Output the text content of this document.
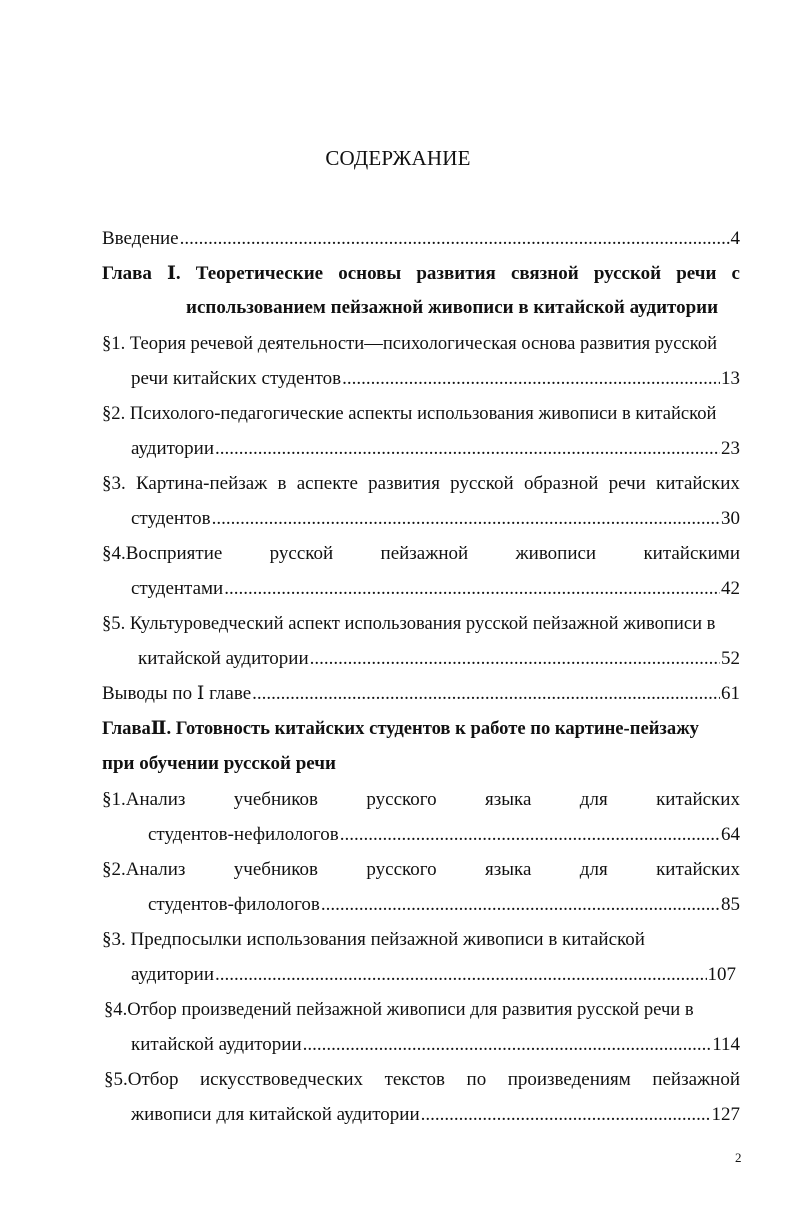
СОДЕРЖАНИЕ
Введение .....	4
Глава Ⅰ. Теоретические основы развития связной русской речи с
использованием пейзажной живописи в китайской аудитории
§1. Теория речевой деятельности—психологическая основа развития русской
речи китайских студентов .....	13
§2. Психолого-педагогические аспекты использования живописи в китайской
аудитории .....	23
§3. Картина-пейзаж в аспекте развития русской образной речи китайских
студентов .....	30
§4.Восприятие русской пейзажной живописи китайскими
студентами .....	42
§5. Культуроведческий аспект использования русской пейзажной живописи в
китайской аудитории .....	52
Выводы по Ⅰ главе .....	61
ГлаваⅡ. Готовность китайских студентов к работе по картине-пейзажу
при обучении русской речи
§1.Анализ	учебников	русского	языка	для	китайских
студентов-нефилологов .....	64
§2.Анализ	учебников	русского	языка	для	китайских
студентов-филологов .....	85
§3. Предпосылки использования пейзажной живописи в китайской
аудитории .....	107
§4.Отбор произведений пейзажной живописи для развития русской речи в
китайской аудитории .....	114
§5.Отбор искусствоведческих текстов по произведениям пейзажной
живописи для китайской аудитории .....	127
2
